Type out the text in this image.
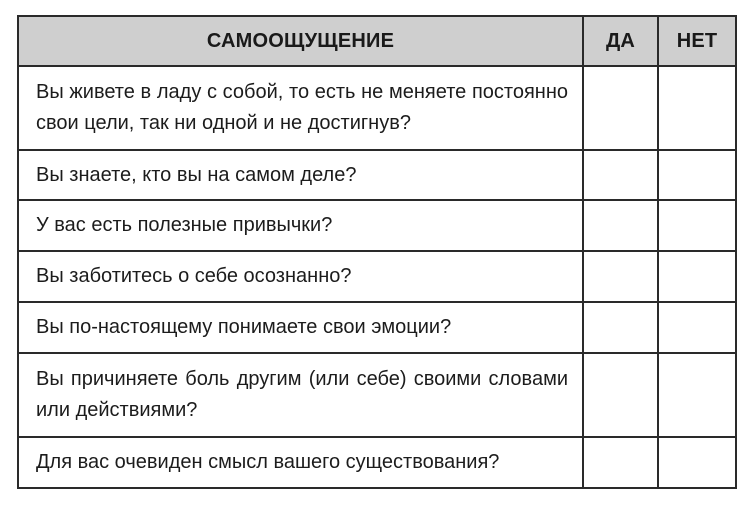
САМООЩУЩЕНИЕ	ДА	НЕТ
Вы живете в ладу с собой, то есть не меняете постоянно свои цели, так ни одной и не достигнув?		
Вы знаете, кто вы на самом деле?		
У вас есть полезные привычки?		
Вы заботитесь о себе осознанно?		
Вы по-настоящему понимаете свои эмоции?		
Вы причиняете боль другим (или себе) своими словами или действиями?		
Для вас очевиден смысл вашего существования?		
